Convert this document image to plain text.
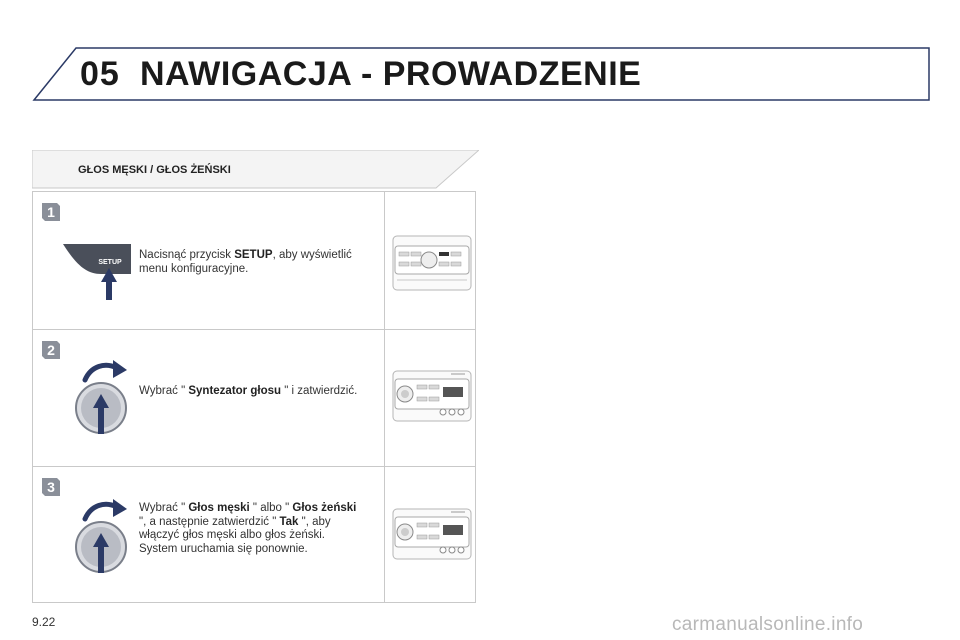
05 NAWIGACJA - PROWADZENIE
GŁOS MĘSKI / GŁOS ŻEŃSKI
1
SETUP
Nacisnąć przycisk SETUP, aby wyświetlić menu konfiguracyjne.
2
Wybrać " Syntezator głosu " i zatwierdzić.
3
Wybrać " Głos męski " albo " Głos żeński ", a następnie zatwierdzić " Tak ", aby włączyć głos męski albo głos żeński. System uruchamia się ponownie.
9.22	carmanualsonline.info
